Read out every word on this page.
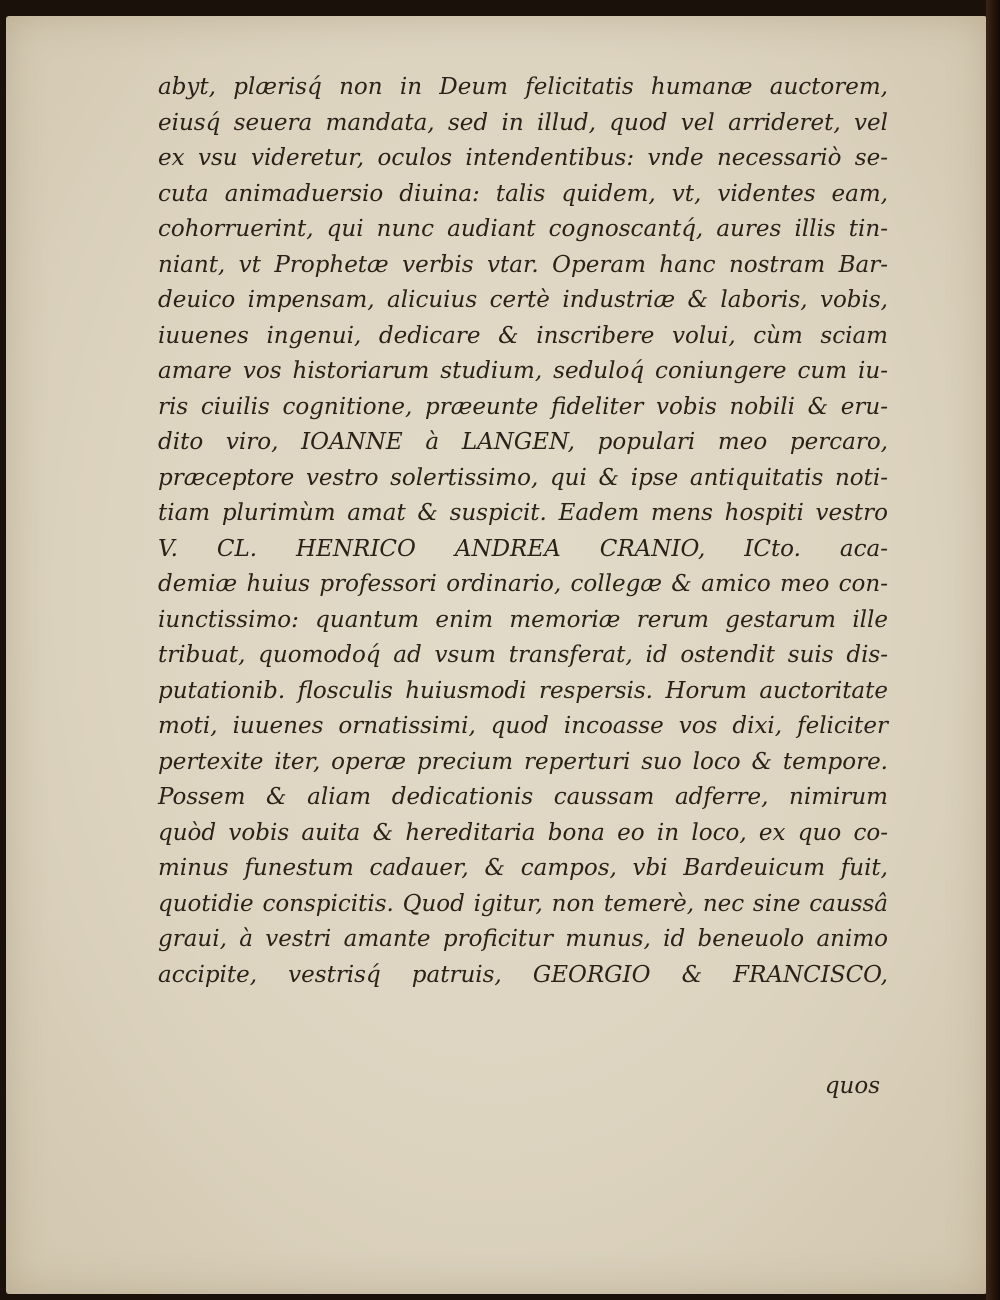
abyt, plærisq́ non in Deum felicitatis humanæ auctorem,
eiusq́ seuera mandata, sed in illud, quod vel arrideret, vel
ex vsu videretur, oculos intendentibus: vnde necessariò se-
cuta animaduersio diuina: talis quidem, vt, videntes eam,
cohorruerint, qui nunc audiant cognoscantq́, aures illis tin-
niant, vt Prophetæ verbis vtar. Operam hanc nostram Bar-
deuico impensam, alicuius certè industriæ & laboris, vobis,
iuuenes ingenui, dedicare & inscribere volui, cùm sciam
amare vos historiarum studium, seduloq́ coniungere cum iu-
ris ciuilis cognitione, præeunte fideliter vobis nobili & eru-
dito viro, IOANNE à LANGEN, populari meo percaro,
præceptore vestro solertissimo, qui & ipse antiquitatis noti-
tiam plurimùm amat & suspicit. Eadem mens hospiti vestro
V. CL. HENRICO ANDREA CRANIO, ICto. aca-
demiæ huius professori ordinario, collegæ & amico meo con-
iunctissimo: quantum enim memoriæ rerum gestarum ille
tribuat, quomodoq́ ad vsum transferat, id ostendit suis dis-
putationib. flosculis huiusmodi respersis. Horum auctoritate
moti, iuuenes ornatissimi, quod incoasse vos dixi, feliciter
pertexite iter, operæ precium reperturi suo loco & tempore.
Possem & aliam dedicationis caussam adferre, nimirum
quòd vobis auita & hereditaria bona eo in loco, ex quo co-
minus funestum cadauer, & campos, vbi Bardeuicum fuit,
quotidie conspicitis. Quod igitur, non temerè, nec sine caussâ
graui, à vestri amante proficitur munus, id beneuolo animo
accipite, vestrisq́ patruis, GEORGIO & FRANCISCO,
quos
